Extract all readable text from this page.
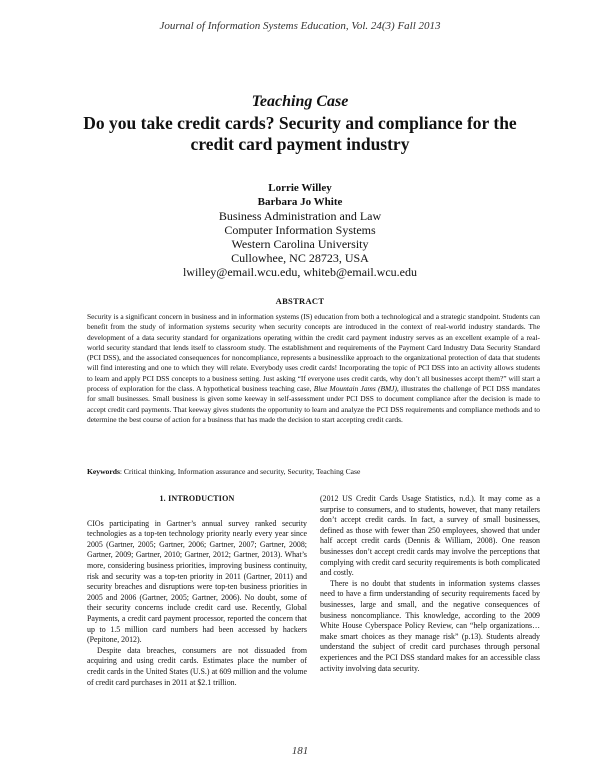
Journal of Information Systems Education, Vol. 24(3) Fall 2013
Teaching Case
Do you take credit cards? Security and compliance for the credit card payment industry
Lorrie Willey
Barbara Jo White
Business Administration and Law
Computer Information Systems
Western Carolina University
Cullowhee, NC 28723, USA
lwilley@email.wcu.edu, whiteb@email.wcu.edu
ABSTRACT

Security is a significant concern in business and in information systems (IS) education from both a technological and a strategic standpoint. Students can benefit from the study of information systems security when security concepts are introduced in the context of real-world industry standards. The development of a data security standard for organizations operating within the credit card payment industry serves as an excellent example of a real-world security standard that lends itself to classroom study. The establishment and requirements of the Payment Card Industry Data Security Standard (PCI DSS), and the associated consequences for noncompliance, represents a businesslike approach to the organizational protection of data that students will find interesting and one to which they will relate. Everybody uses credit cards! Incorporating the topic of PCI DSS into an activity allows students to learn and apply PCI DSS concepts to a business setting. Just asking “If everyone uses credit cards, why don’t all businesses accept them?” will start a process of exploration for the class. A hypothetical business teaching case, Blue Mountain Jams (BMJ), illustrates the challenge of PCI DSS mandates for small businesses. Small business is given some keeway in self-assessment under PCI DSS to document compliance after the decision is made to accept credit card payments. That keeway gives students the opportunity to learn and analyze the PCI DSS requirements and compliance methods and to determine the best course of action for a business that has made the decision to start accepting credit cards.

Keywords: Critical thinking, Information assurance and security, Security, Teaching Case

1. INTRODUCTION

CIOs participating in Gartner’s annual survey ranked security technologies as a top-ten technology priority nearly every year since 2005 (Gartner, 2005; Gartner, 2006; Gartner, 2007; Gartner, 2008; Gartner, 2009; Gartner, 2010; Gartner, 2012; Gartner, 2013). What’s more, considering business priorities, improving business continuity, risk and security was a top-ten priority in 2011 (Gartner, 2011) and security breaches and disruptions were top-ten business priorities in 2005 and 2006 (Gartner, 2005; Gartner, 2006). No doubt, some of their security concerns include credit card use. Recently, Global Payments, a credit card payment processor, reported the concern that up to 1.5 million card numbers had been accessed by hackers (Pepitone, 2012).

Despite data breaches, consumers are not dissuaded from acquiring and using credit cards. Estimates place the number of credit cards in the United States (U.S.) at 609 million and the volume of credit card purchases in 2011 at $2.1 trillion.

(2012 US Credit Cards Usage Statistics, n.d.). It may come as a surprise to consumers, and to students, however, that many retailers don’t accept credit cards. In fact, a survey of small businesses, defined as those with fewer than 250 employees, showed that under half accept credit cards (Dennis & William, 2008). One reason businesses don’t accept credit cards may involve the perceptions that complying with credit card security requirements is both complicated and costly.

There is no doubt that students in information systems classes need to have a firm understanding of security requirements faced by businesses, large and small, and the negative consequences of business noncompliance. This knowledge, according to the 2009 White House Cyberspace Policy Review, can “help organizations… make smart choices as they manage risk” (p.13). Students already understand the subject of credit card purchases through personal experiences and the PCI DSS standard makes for an accessible class activity involving data security.

181
